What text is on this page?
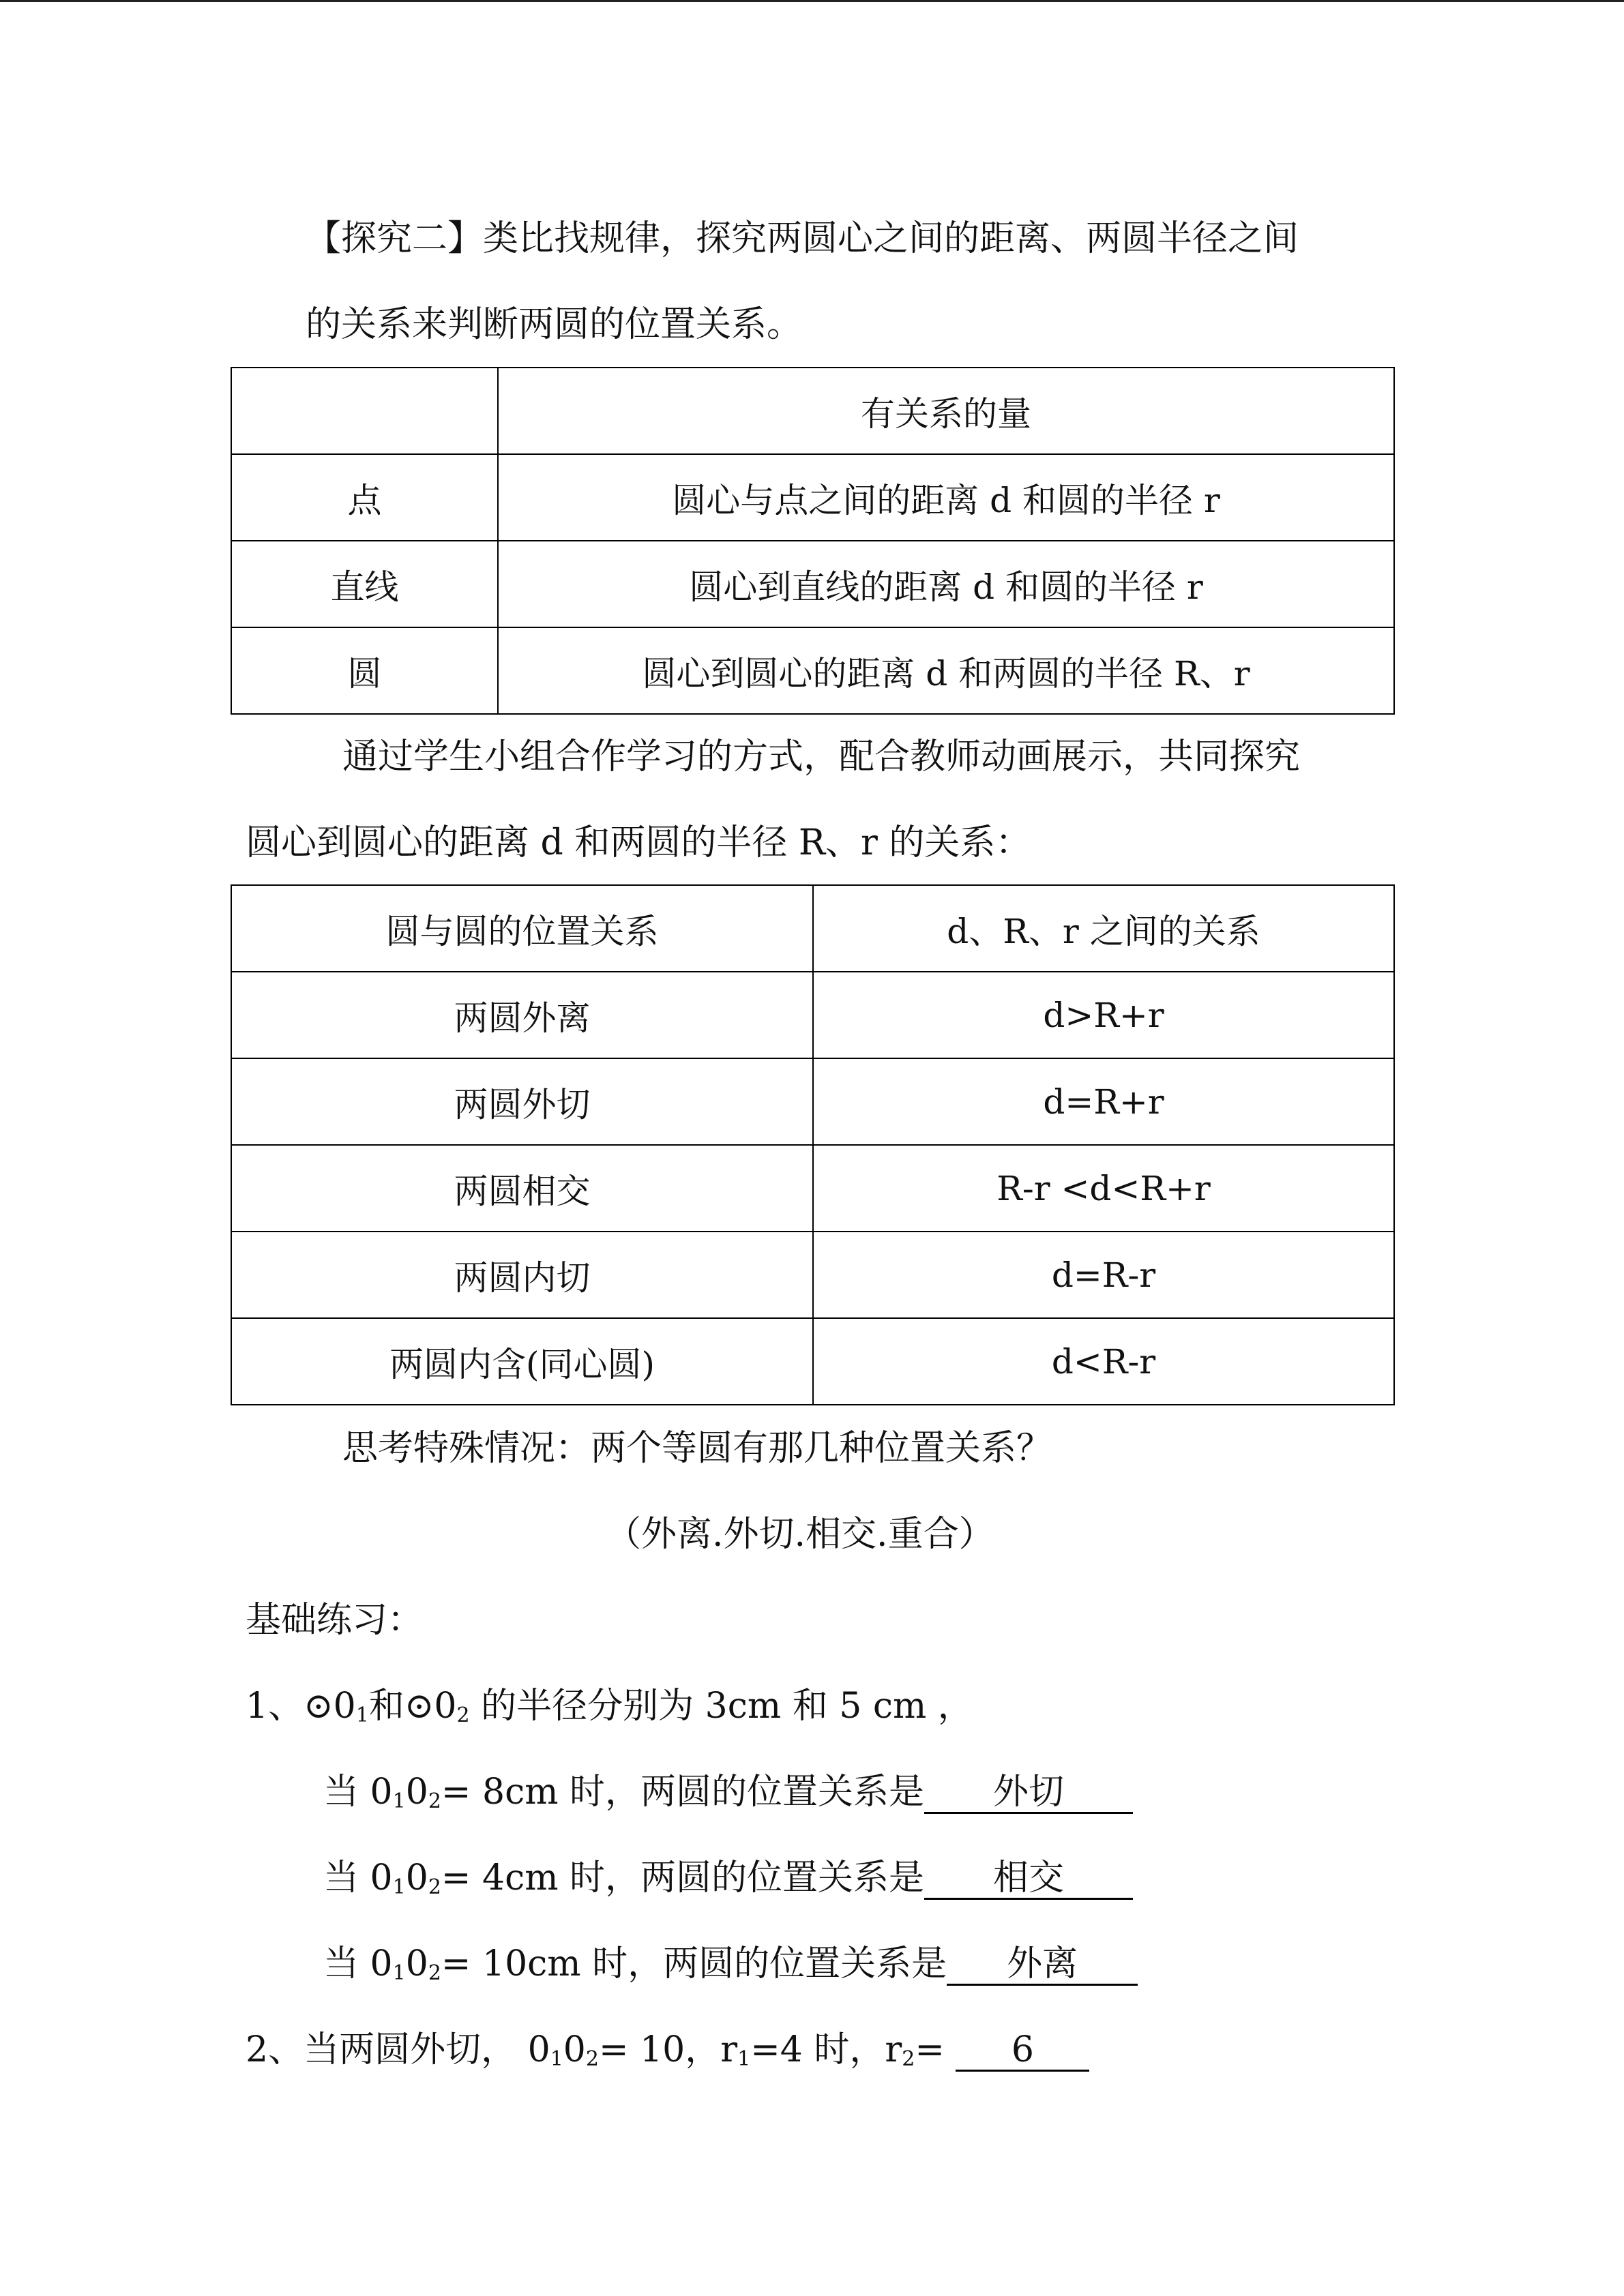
【探究二】类比找规律，探究两圆心之间的距离、两圆半径之间
的关系来判断两圆的位置关系。
	有关系的量
点	圆心与点之间的距离 d 和圆的半径 r
直线	圆心到直线的距离 d 和圆的半径 r
圆	圆心到圆心的距离 d 和两圆的半径 R、r
通过学生小组合作学习的方式，配合教师动画展示，共同探究
圆心到圆心的距离 d 和两圆的半径 R、r 的关系：
圆与圆的位置关系	d、R、r 之间的关系
两圆外离	d>R+r
两圆外切	d=R+r
两圆相交	R-r <d<R+r
两圆内切	d=R-r
两圆内含(同心圆)	d<R-r
思考特殊情况：两个等圆有那几种位置关系？
（外离.外切.相交.重合）
基础练习：
1、$⊙0_1$和$⊙0_2$ 的半径分别为 3cm 和 5 cm ，
当 $0_10_2= 8cm$ 时，两圆的位置关系是 外切
当 $0_10_2= 4cm$ 时，两圆的位置关系是 相交
当 $0_10_2= 10cm$ 时，两圆的位置关系是 外离
2、当两圆外切， $0_10_2= 10$，$r_1=4$ 时，$r_2= 6$
